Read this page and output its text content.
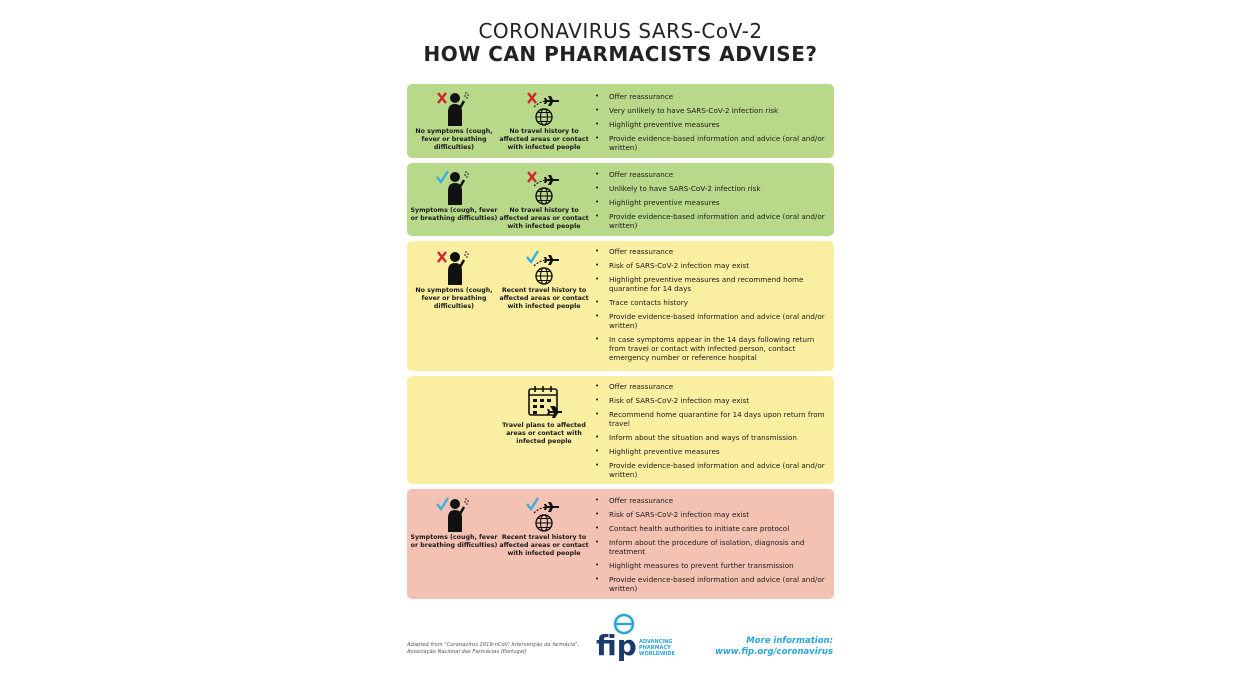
CORONAVIRUS SARS-CoV-2
HOW CAN PHARMACISTS ADVISE?
No symptoms (cough, fever or breathing difficulties)
No travel history to affected areas or contact with infected people
• Offer reassurance
• Very unlikely to have SARS-CoV-2 infection risk
• Highlight preventive measures
• Provide evidence-based information and advice (oral and/or written)
Symptoms (cough, fever or breathing difficulties)
No travel history to affected areas or contact with infected people
• Offer reassurance
• Unlikely to have SARS-CoV-2 infection risk
• Highlight preventive measures
• Provide evidence-based information and advice (oral and/or written)
No symptoms (cough, fever or breathing difficulties)
Recent travel history to affected areas or contact with infected people
• Offer reassurance
• Risk of SARS-CoV-2 infection may exist
• Highlight preventive measures and recommend home quarantine for 14 days
• Trace contacts history
• Provide evidence-based information and advice (oral and/or written)
• In case symptoms appear in the 14 days following return from travel or contact with infected person, contact emergency number or reference hospital
Travel plans to affected areas or contact with infected people
• Offer reassurance
• Risk of SARS-CoV-2 infection may exist
• Recommend home quarantine for 14 days upon return from travel
• Inform about the situation and ways of transmission
• Highlight preventive measures
• Provide evidence-based information and advice (oral and/or written)
Symptoms (cough, fever or breathing difficulties)
Recent travel history to affected areas or contact with infected people
• Offer reassurance
• Risk of SARS-CoV-2 infection may exist
• Contact health authorities to initiate care protocol
• Inform about the procedure of isolation, diagnosis and treatment
• Highlight measures to prevent further transmission
• Provide evidence-based information and advice (oral and/or written)
Adapted from "Coronavírus 2019-nCoV: Intervenção da farmácia", Associação Nacional das Farmácias (Portugal)	fip ADVANCING
PHARMACY
WORLDWIDE
More information:
www.fip.org/coronavirus
